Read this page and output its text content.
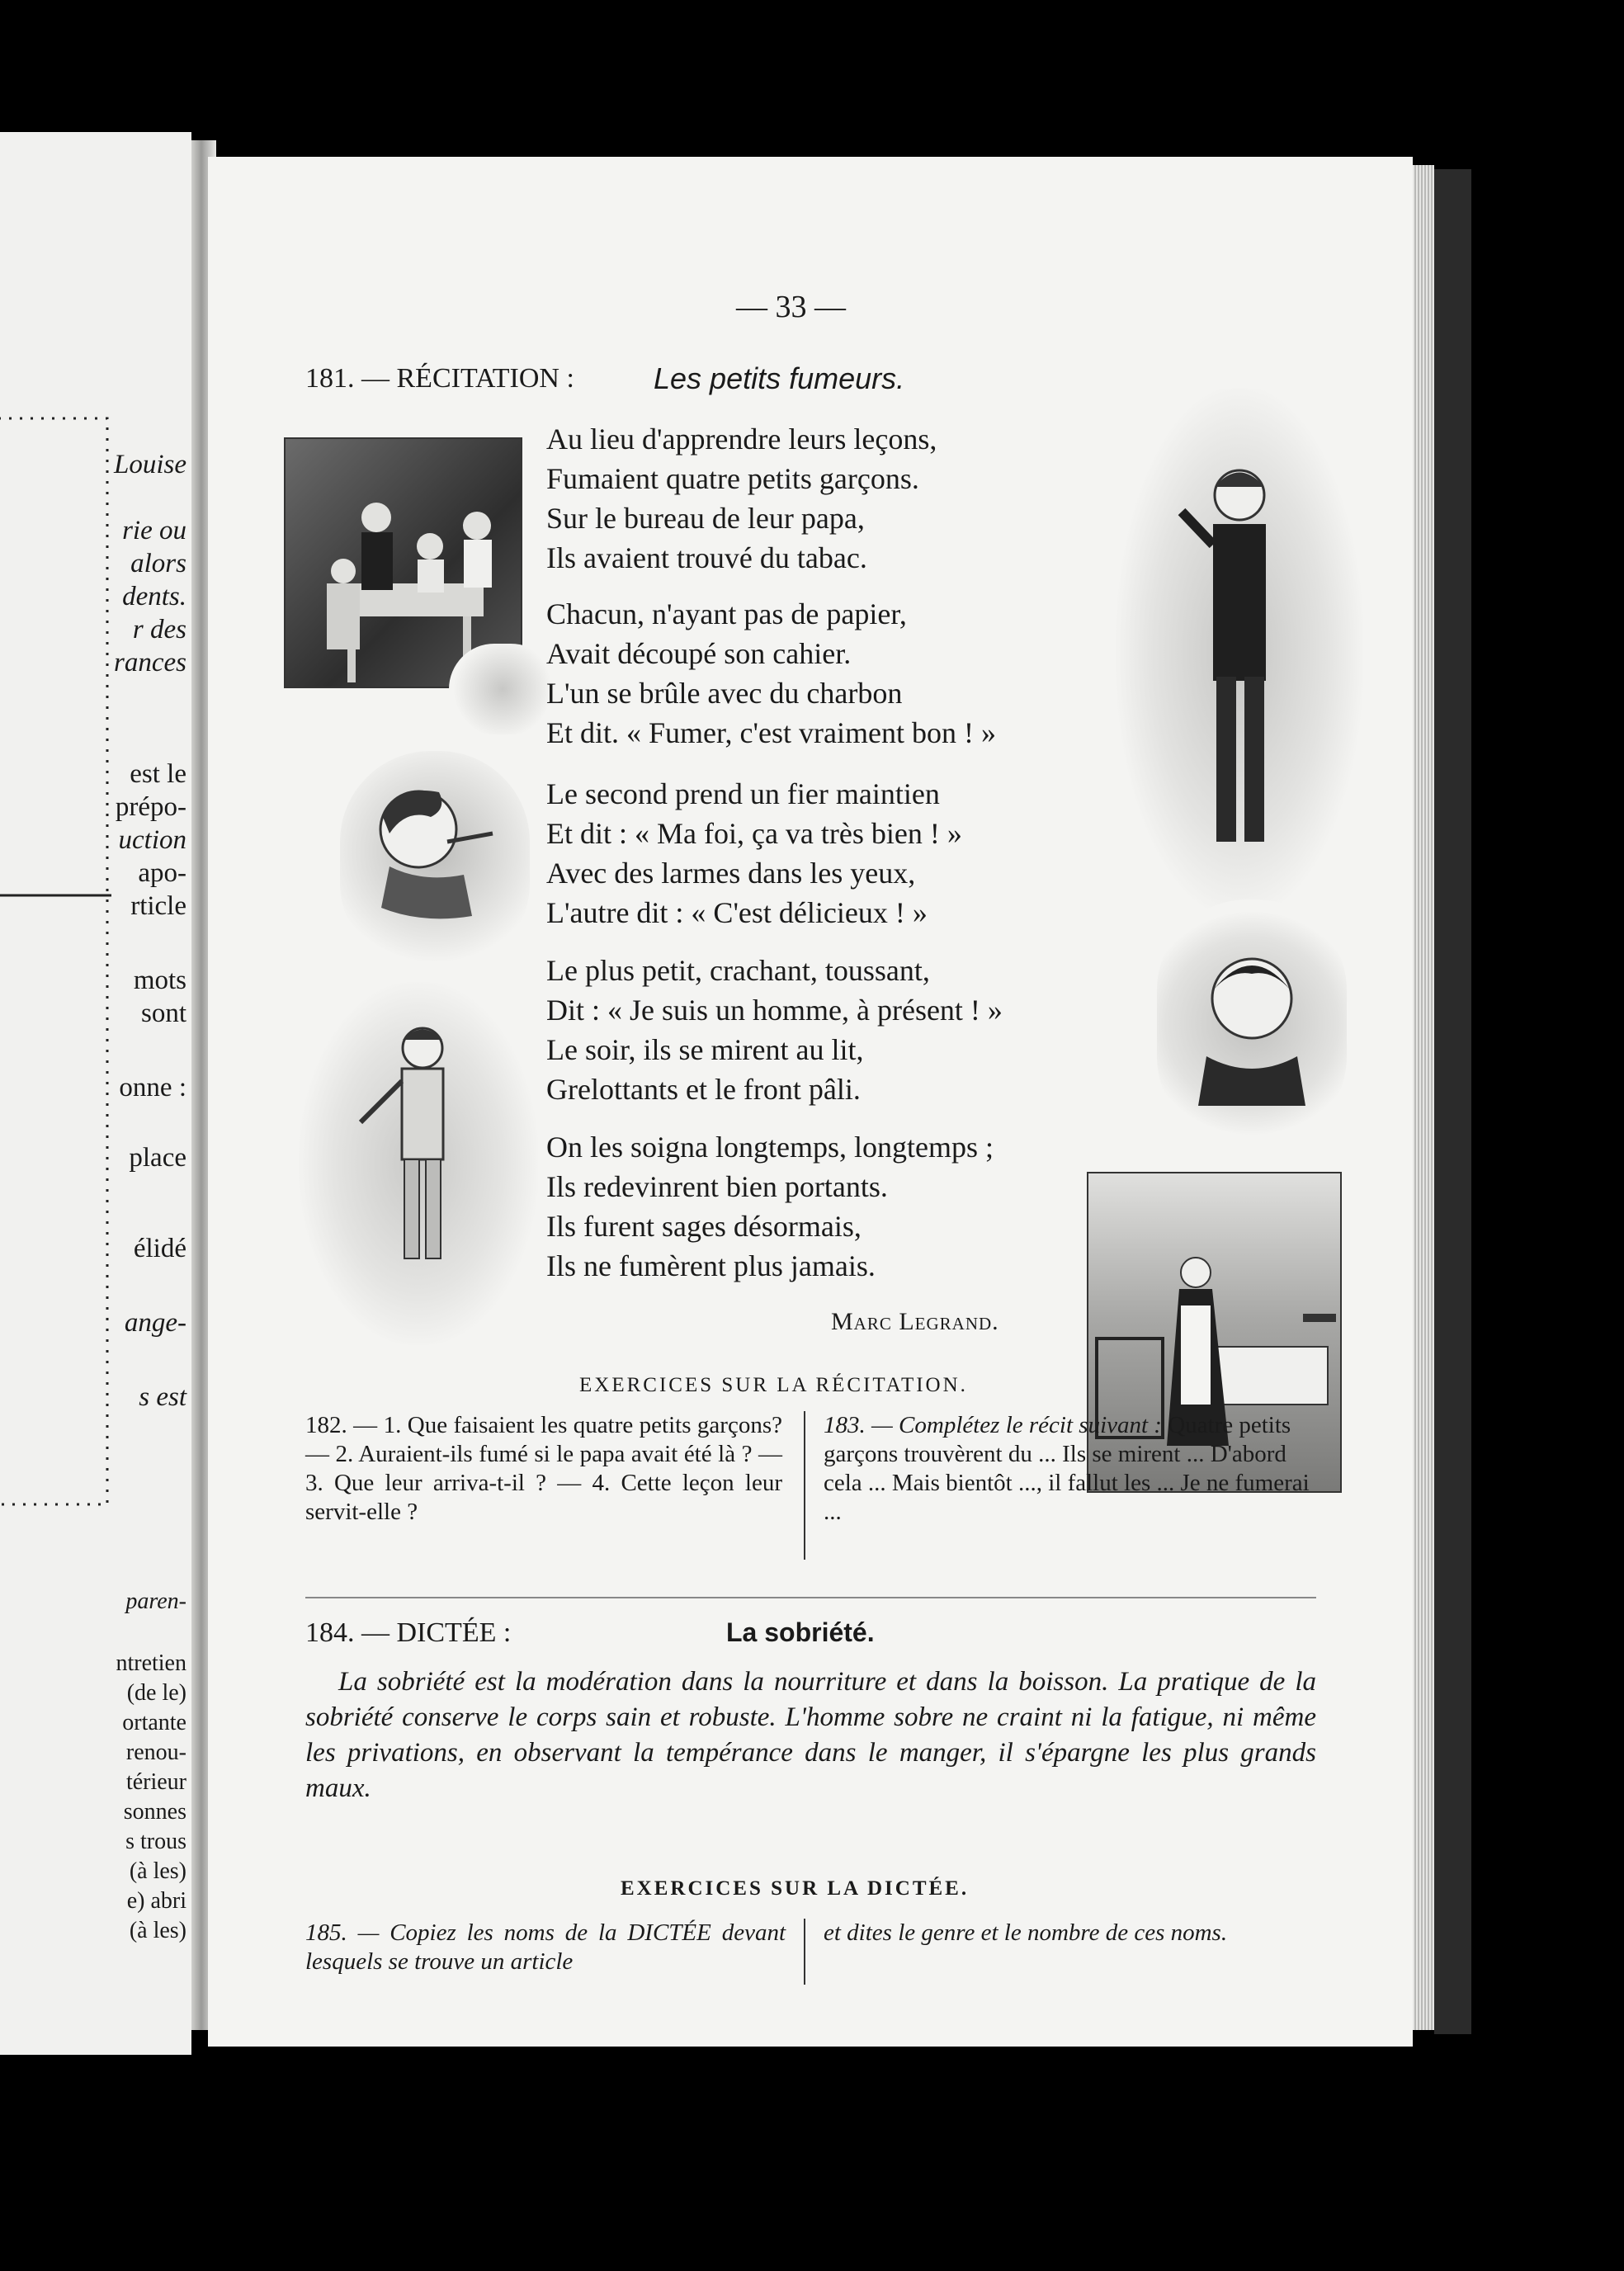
Louise
rie ou
alors
dents.
r des
rances
est le
prépo-
uction
apo-
rticle
mots
sont
onne :
place
élidé
ange-
s est
paren-
ntretien
(de le)
ortante
renou-
térieur
sonnes
s trous
(à les)
e) abri
(à les)
— 33 —
181. — RÉCITATION :	Les petits fumeurs.
Au lieu d'apprendre leurs leçons,
Fumaient quatre petits garçons.
Sur le bureau de leur papa,
Ils avaient trouvé du tabac.
Chacun, n'ayant pas de papier,
Avait découpé son cahier.
L'un se brûle avec du charbon
Et dit. « Fumer, c'est vraiment bon ! »
Le second prend un fier maintien
Et dit : « Ma foi, ça va très bien ! »
Avec des larmes dans les yeux,
L'autre dit : « C'est délicieux ! »
Le plus petit, crachant, toussant,
Dit : « Je suis un homme, à présent ! »
Le soir, ils se mirent au lit,
Grelottants et le front pâli.
On les soigna longtemps, longtemps ;
Ils redevinrent bien portants.
Ils furent sages désormais,
Ils ne fumèrent plus jamais.
Marc Legrand.
EXERCICES SUR LA RÉCITATION.
182. — 1. Que faisaient les quatre petits garçons? — 2. Auraient-ils fumé si le papa avait été là ? — 3. Que leur arriva-t-il ? — 4. Cette leçon leur servit-elle ?
183. — Complétez le récit suivant : Quatre petits garçons trouvèrent du ... Ils se mirent ... D'abord cela ... Mais bientôt ..., il fallut les ... Je ne fumerai ...
184. — DICTÉE :	La sobriété.
La sobriété est la modération dans la nourriture et dans la boisson. La pratique de la sobriété conserve le corps sain et robuste. L'homme sobre ne craint ni la fatigue, ni même les privations, en observant la tempérance dans le manger, il s'épargne les plus grands maux.
EXERCICES SUR LA DICTÉE.
185. — Copiez les noms de la DICTÉE devant lesquels se trouve un article
et dites le genre et le nombre de ces noms.
